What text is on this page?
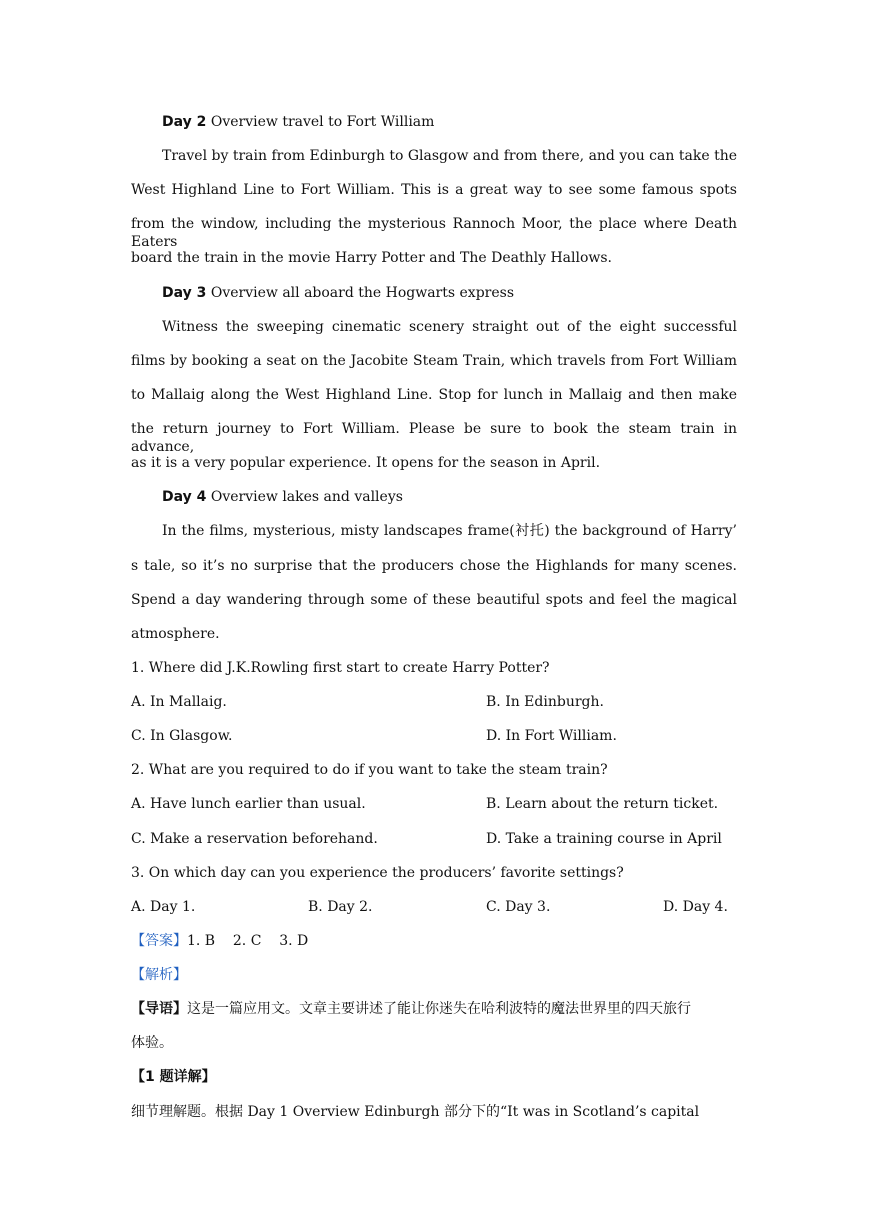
Day 2 Overview travel to Fort William
Travel by train from Edinburgh to Glasgow and from there, and you can take the
West Highland Line to Fort William. This is a great way to see some famous spots
from the window, including the mysterious Rannoch Moor, the place where Death Eaters
board the train in the movie Harry Potter and The Deathly Hallows.
Day 3 Overview all aboard the Hogwarts express
Witness the sweeping cinematic scenery straight out of the eight successful
films by booking a seat on the Jacobite Steam Train, which travels from Fort William
to Mallaig along the West Highland Line. Stop for lunch in Mallaig and then make
the return journey to Fort William. Please be sure to book the steam train in advance,
as it is a very popular experience. It opens for the season in April.
Day 4 Overview lakes and valleys
In the films, mysterious, misty landscapes frame(衬托) the background of Harry’
s tale, so it’s no surprise that the producers chose the Highlands for many scenes.
Spend a day wandering through some of these beautiful spots and feel the magical
atmosphere.
1. Where did J.K.Rowling first start to create Harry Potter?
A. In Mallaig.	B. In Edinburgh.
C. In Glasgow.	D. In Fort William.
2. What are you required to do if you want to take the steam train?
A. Have lunch earlier than usual.	B. Learn about the return ticket.
C. Make a reservation beforehand.	D. Take a training course in April
3. On which day can you experience the producers’ favorite settings?
A. Day 1.	B. Day 2.	C. Day 3.	D. Day 4.
【答案】1. B    2. C    3. D
【解析】
【导语】这是一篇应用文。文章主要讲述了能让你迷失在哈利波特的魔法世界里的四天旅行
体验。
【1 题详解】
细节理解题。根据 Day 1 Overview Edinburgh 部分下的“It was in Scotland’s capital
